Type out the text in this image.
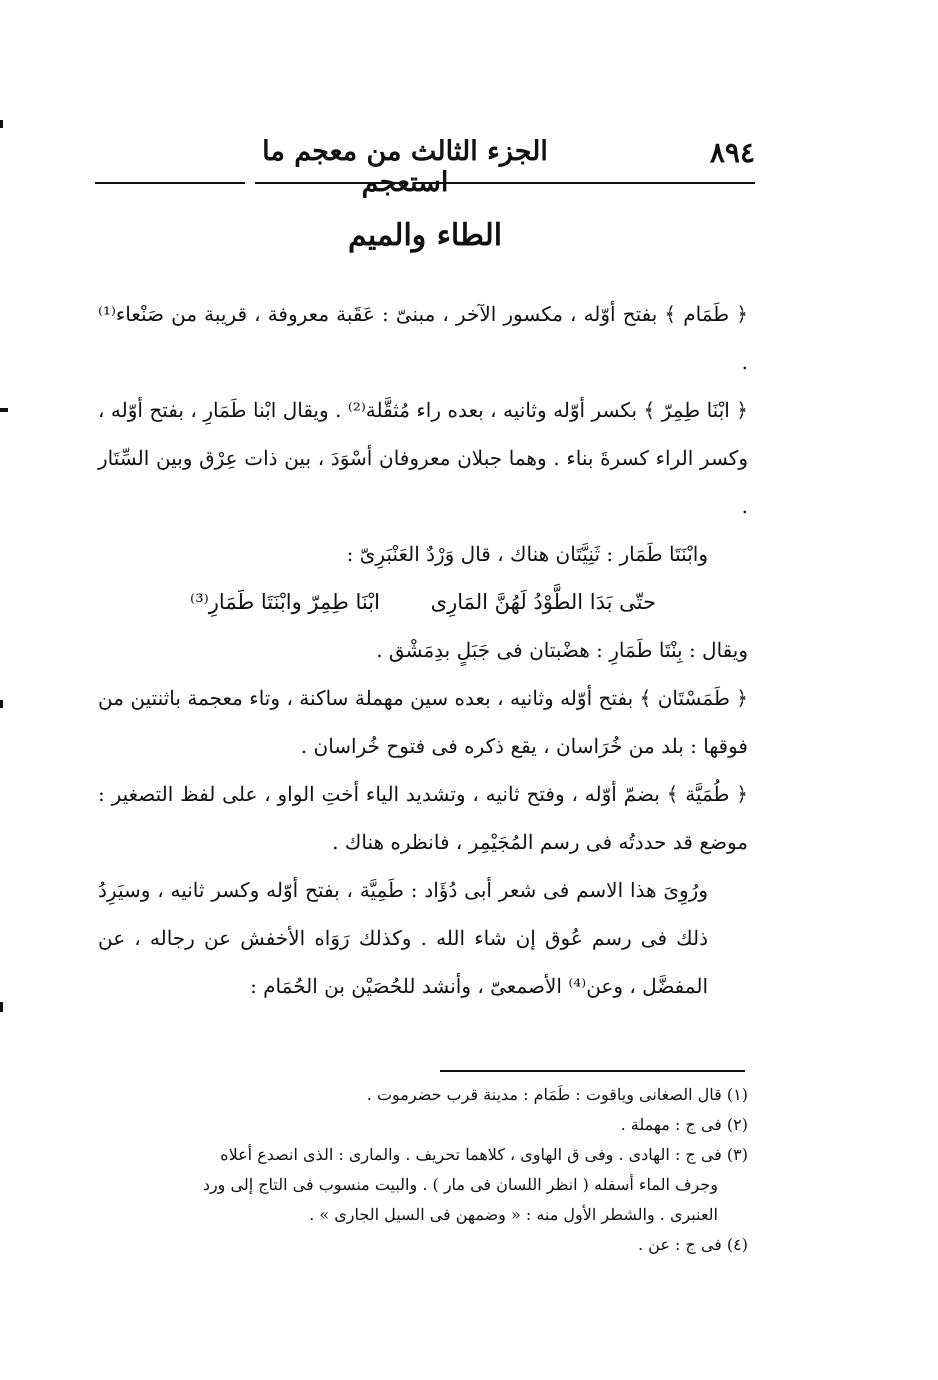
٨٩٤
الجزء الثالث من معجم ما استعجم
الطاء والميم

﴿ طَمَام ﴾ بفتح أوّله ، مكسور الآخر ، مبنىّ : عَقَبة معروفة ، قريبة من صَنْعاء⁽¹⁾ .

﴿ ابْنَا طِمِرّ ﴾ بكسر أوّله وثانيه ، بعده راء مُثقَّلة⁽²⁾ . ويقال ابْنا طَمَارِ ، بفتح أوّله ، وكسر الراء كسرةَ بناء . وهما جبلان معروفان أسْوَدَ ، بين ذات عِرْق وبين السِّتَار .

وابْنَتَا طَمَار : ثَنِيَّتَان هناك ، قال وَرْدٌ العَنْبَرِىّ :

حتّى بَدَا الطَّوْدُ لَهُنَّ المَارِى ابْنَا طِمِرّ وابْنَتَا طَمَارِ⁽³⁾

ويقال : بِنْتَا طَمَارِ : هضْبتان فى جَبَلٍ بدِمَشْق .

﴿ طَمَسْتَان ﴾ بفتح أوّله وثانيه ، بعده سين مهملة ساكنة ، وتاء معجمة باثنتين من فوقها : بلد من خُرَاسان ، يقع ذكره فى فتوح خُراسان .

﴿ طُمَيَّة ﴾ بضمّ أوّله ، وفتح ثانيه ، وتشديد الياء أختِ الواو ، على لفظ التصغير : موضع قد حددتُه فى رسم المُجَيْمِر ، فانظره هناك .

ورُوِىَ هذا الاسم فى شعر أبى دُؤَاد : طَمِيَّة ، بفتح أوّله وكسر ثانيه ، وسيَرِدُ ذلك فى رسم عُوق إن شاء الله . وكذلك رَوَاه الأخفش عن رجاله ، عن المفضَّل ، وعن⁽⁴⁾ الأصمعىّ ، وأنشد للحُصَيْن بن الحُمَام :

(١) قال الصغانى وياقوت : طَمَام : مدينة قرب حضرموت .

(٢) فى ج : مهملة .

(٣) فى ج : الهادى . وفى ق الهاوى ، كلاهما تحريف . والمارى : الذى انصدع أعلاه

وجرف الماء أسفله ( انظر اللسان فى مار ) . والبيت منسوب فى التاج إلى ورد

العنبرى . والشطر الأول منه : « وضمهن فى السيل الجارى » .

(٤) فى ج : عن .
